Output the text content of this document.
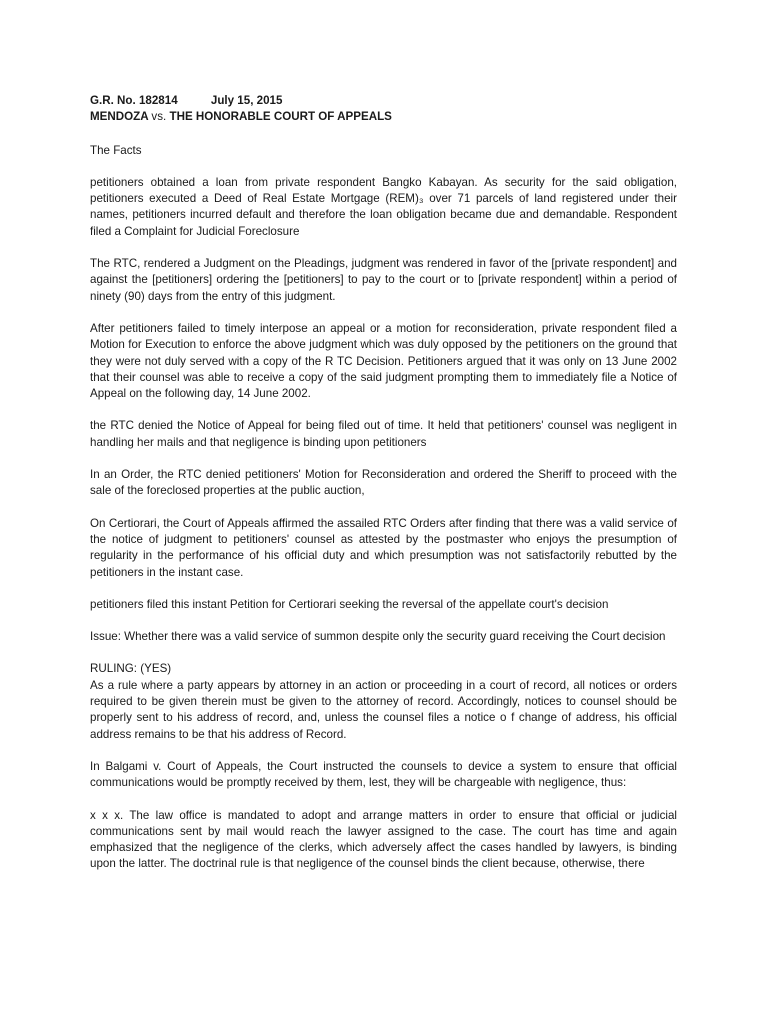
G.R. No. 182814	July 15, 2015
MENDOZA vs. THE HONORABLE COURT OF APPEALS

The Facts

petitioners obtained a loan from private respondent Bangko Kabayan. As security for the said obligation, petitioners executed a Deed of Real Estate Mortgage (REM)₃ over 71 parcels of land registered under their names, petitioners incurred default and therefore the loan obligation became due and demandable. Respondent filed a Complaint for Judicial Foreclosure

The RTC, rendered a Judgment on the Pleadings, judgment was rendered in favor of the [private respondent] and against the [petitioners] ordering the [petitioners] to pay to the court or to [private respondent] within a period of ninety (90) days from the entry of this judgment.

After petitioners failed to timely interpose an appeal or a motion for reconsideration, private respondent filed a Motion for Execution to enforce the above judgment which was duly opposed by the petitioners on the ground that they were not duly served with a copy of the R TC Decision. Petitioners argued that it was only on 13 June 2002 that their counsel was able to receive a copy of the said judgment prompting them to immediately file a Notice of Appeal on the following day, 14 June 2002.

the RTC denied the Notice of Appeal for being filed out of time. It held that petitioners' counsel was negligent in handling her mails and that negligence is binding upon petitioners

In an Order, the RTC denied petitioners' Motion for Reconsideration and ordered the Sheriff to proceed with the sale of the foreclosed properties at the public auction,

On Certiorari, the Court of Appeals affirmed the assailed RTC Orders after finding that there was a valid service of the notice of judgment to petitioners' counsel as attested by the postmaster who enjoys the presumption of regularity in the performance of his official duty and which presumption was not satisfactorily rebutted by the petitioners in the instant case.

petitioners filed this instant Petition for Certiorari seeking the reversal of the appellate court's decision

Issue: Whether there was a valid service of summon despite only the security guard receiving the Court decision

RULING: (YES)

As a rule where a party appears by attorney in an action or proceeding in a court of record, all notices or orders required to be given therein must be given to the attorney of record. Accordingly, notices to counsel should be properly sent to his address of record, and, unless the counsel files a notice o f change of address, his official address remains to be that his address of Record.

In Balgami v. Court of Appeals, the Court instructed the counsels to device a system to ensure that official communications would be promptly received by them, lest, they will be chargeable with negligence, thus:

x x x. The law office is mandated to adopt and arrange matters in order to ensure that official or judicial communications sent by mail would reach the lawyer assigned to the case. The court has time and again emphasized that the negligence of the clerks, which adversely affect the cases handled by lawyers, is binding upon the latter. The doctrinal rule is that negligence of the counsel binds the client because, otherwise, there
